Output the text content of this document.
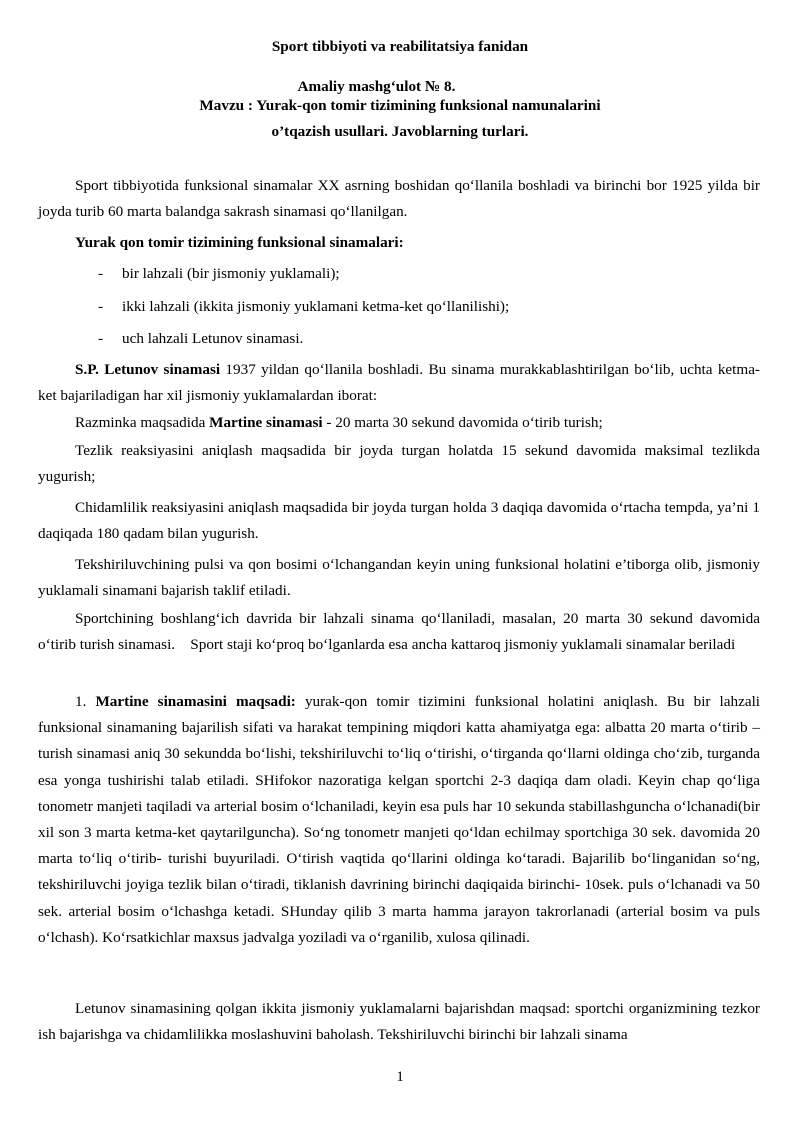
Sport tibbiyoti va reabilitatsiya fanidan
Amaliy mashg‘ulot № 8.
Mavzu : Yurak-qon tomir tizimining funksional namunalarini
o’tqazish usullari. Javoblarning turlari.
Sport tibbiyotida funksional sinamalar XX asrning boshidan qo‘llanila boshladi va birinchi bor 1925 yilda bir joyda turib 60 marta balandga sakrash sinamasi qo‘llanilgan.
Yurak qon tomir tizimining funksional sinamalari:
- bir lahzali (bir jismoniy yuklamali);
- ikki lahzali (ikkita jismoniy yuklamani ketma-ket qo‘llanilishi);
- uch lahzali Letunov sinamasi.
S.P. Letunov sinamasi 1937 yildan qo‘llanila boshladi. Bu sinama murakkablashtirilgan bo‘lib, uchta ketma-ket bajariladigan har xil jismoniy yuklamalardan iborat:
Razminka maqsadida Martine sinamasi - 20 marta 30 sekund davomida o‘tirib turish;
Tezlik reaksiyasini aniqlash maqsadida bir joyda turgan holatda 15 sekund davomida maksimal tezlikda yugurish;
Chidamlilik reaksiyasini aniqlash maqsadida bir joyda turgan holda 3 daqiqa davomida o‘rtacha tempda, ya’ni 1 daqiqada 180 qadam bilan yugurish.
Tekshiriluvchining pulsi va qon bosimi o‘lchangandan keyin uning funksional holatini e’tiborga olib, jismoniy yuklamali sinamani bajarish taklif etiladi.
Sportchining boshlang‘ich davrida bir lahzali sinama qo‘llaniladi, masalan, 20 marta 30 sekund davomida o‘tirib turish sinamasi.    Sport staji ko‘proq bo‘lganlarda esa ancha kattaroq jismoniy yuklamali sinamalar beriladi
1. Martine sinamasini maqsadi: yurak-qon tomir tizimini funksional holatini aniqlash. Bu bir lahzali funksional sinamaning bajarilish sifati va harakat tempining miqdori katta ahamiyatga ega: albatta 20 marta o‘tirib – turish sinamasi aniq 30 sekundda bo‘lishi, tekshiriluvchi to‘liq o‘tirishi, o‘tirganda qo‘llarni oldinga cho‘zib, turganda esa yonga tushirishi talab etiladi. SHifokor nazoratiga kelgan sportchi 2-3 daqiqa dam oladi. Keyin chap qo‘liga tonometr manjeti taqiladi va arterial bosim o‘lchaniladi, keyin esa puls har 10 sekunda stabillashguncha o‘lchanadi(bir xil son 3 marta ketma-ket qaytarilguncha). So‘ng tonometr manjeti qo‘ldan echilmay sportchiga 30 sek. davomida 20 marta to‘liq o‘tirib- turishi buyuriladi. O‘tirish vaqtida qo‘llarini oldinga ko‘taradi. Bajarilib bo‘linganidan so‘ng, tekshiriluvchi joyiga tezlik bilan o‘tiradi, tiklanish davrining birinchi daqiqaida birinchi- 10sek. puls o‘lchanadi va 50 sek. arterial bosim o‘lchashga ketadi. SHunday qilib 3 marta hamma jarayon takrorlanadi (arterial bosim va puls o‘lchash). Ko‘rsatkichlar maxsus jadvalga yoziladi va o‘rganilib, xulosa qilinadi.
Letunov sinamasining qolgan ikkita jismoniy yuklamalarni bajarishdan maqsad: sportchi organizmining tezkor ish bajarishga va chidamlilikka moslashuvini baholash. Tekshiriluvchi birinchi bir lahzali sinama
1
